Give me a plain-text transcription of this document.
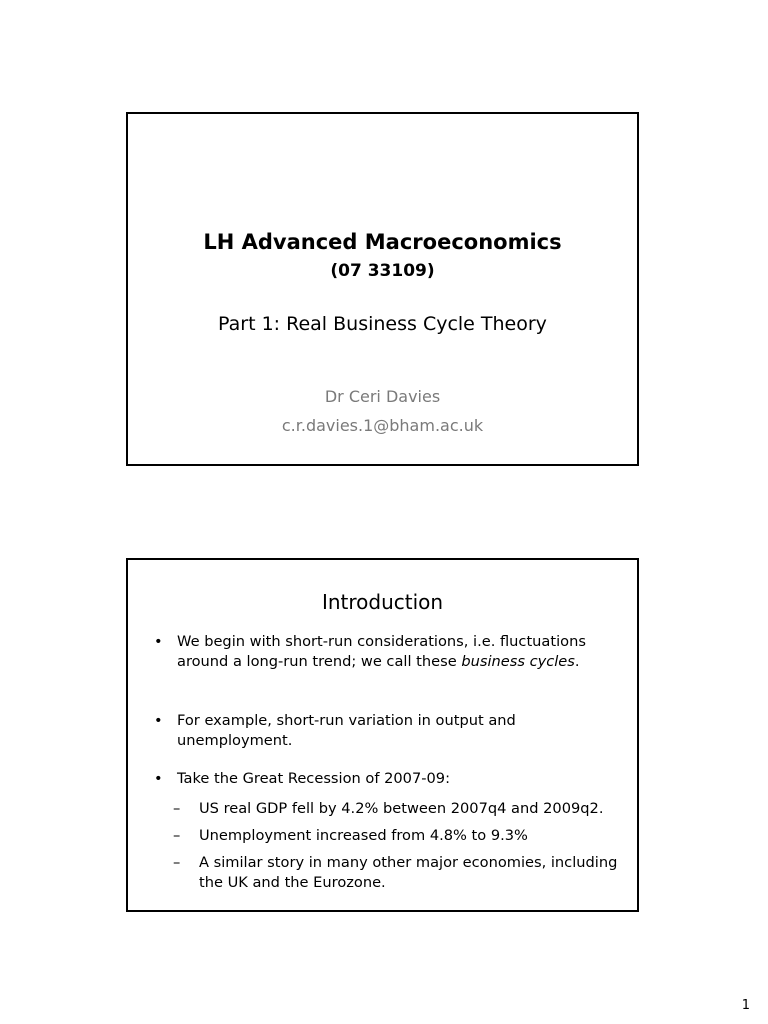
LH Advanced Macroeconomics
(07 33109)
Part 1: Real Business Cycle Theory
Dr Ceri Davies
c.r.davies.1@bham.ac.uk
Introduction
• We begin with short-run considerations, i.e. fluctuations around a long-run trend; we call these business cycles.
• For example, short-run variation in output and unemployment.
• Take the Great Recession of 2007-09:
– US real GDP fell by 4.2% between 2007q4 and 2009q2.
– Unemployment increased from 4.8% to 9.3%
– A similar story in many other major economies, including the UK and the Eurozone.
1
